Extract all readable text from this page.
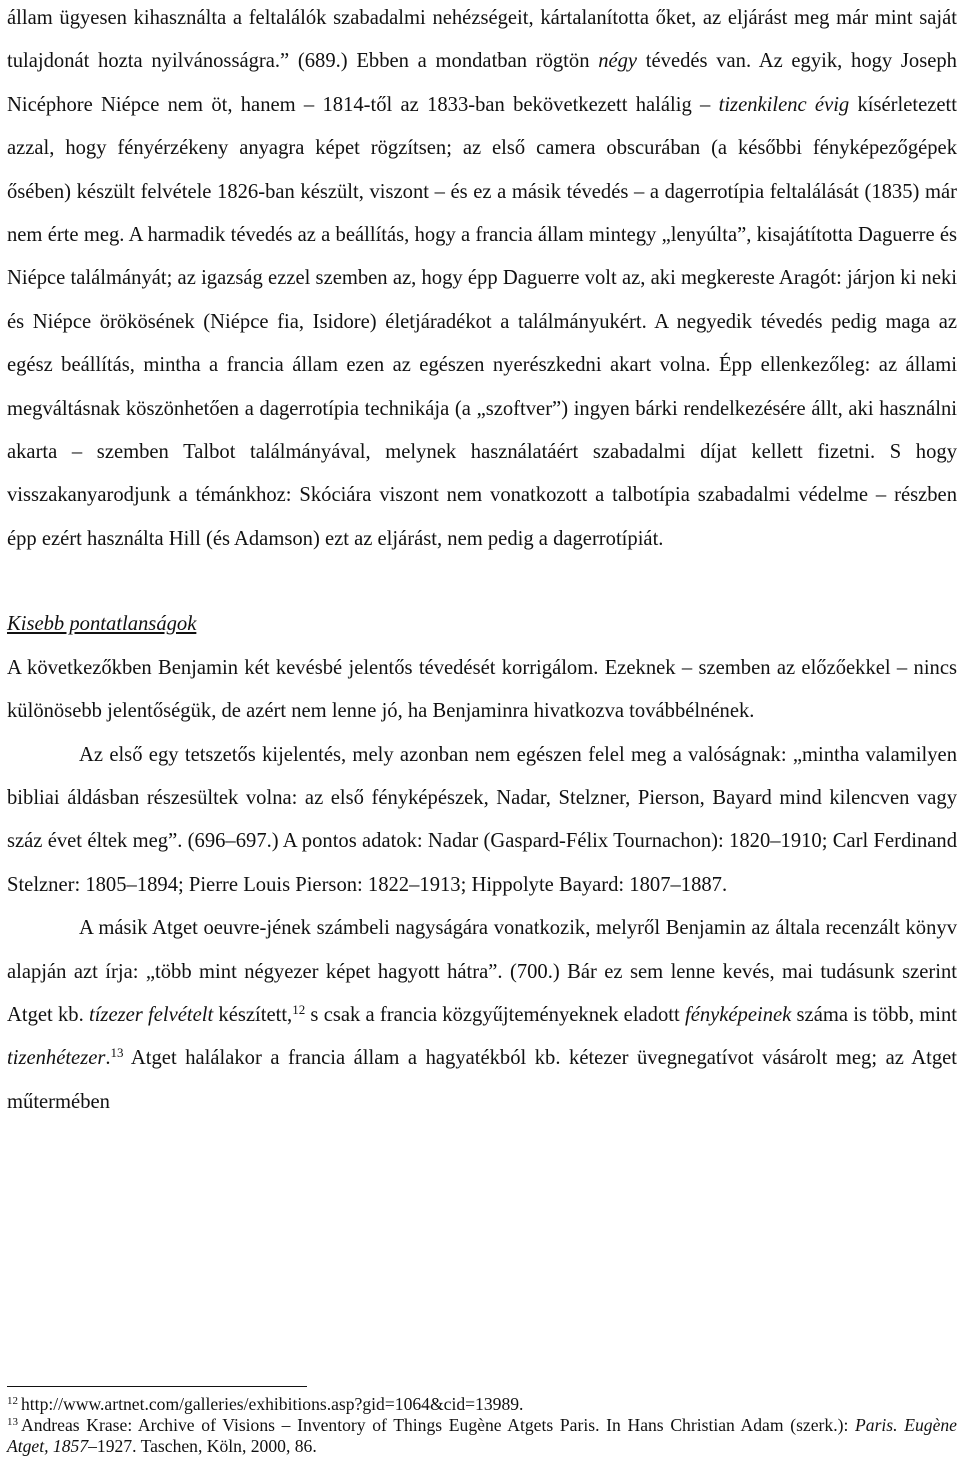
állam ügyesen kihasználta a feltalálók szabadalmi nehézségeit, kártalanította őket, az eljárást meg már mint saját tulajdonát hozta nyilvánosságra.” (689.) Ebben a mondatban rögtön négy tévedés van. Az egyik, hogy Joseph Nicéphore Niépce nem öt, hanem – 1814-től az 1833-ban bekövetkezett halálig – tizenkilenc évig kísérletezett azzal, hogy fényérzékeny anyagra képet rögzítsen; az első camera obscurában (a későbbi fényképezőgépek ősében) készült felvétele 1826-ban készült, viszont – és ez a másik tévedés – a dagerrotípia feltalálását (1835) már nem érte meg. A harmadik tévedés az a beállítás, hogy a francia állam mintegy „lenyúlta”, kisajátította Daguerre és Niépce találmányát; az igazság ezzel szemben az, hogy épp Daguerre volt az, aki megkereste Aragót: járjon ki neki és Niépce örökösének (Niépce fia, Isidore) életjáradékot a találmányukért. A negyedik tévedés pedig maga az egész beállítás, mintha a francia állam ezen az egészen nyerészkedni akart volna. Épp ellenkezőleg: az állami megváltásnak köszönhetően a dagerrotípia technikája (a „szoftver”) ingyen bárki rendelkezésére állt, aki használni akarta – szemben Talbot találmányával, melynek használatáért szabadalmi díjat kellett fizetni. S hogy visszakanyarodjunk a témánkhoz: Skóciára viszont nem vonatkozott a talbotípia szabadalmi védelme – részben épp ezért használta Hill (és Adamson) ezt az eljárást, nem pedig a dagerrotípiát.

Kisebb pontatlanságok

A következőkben Benjamin két kevésbé jelentős tévedését korrigálom. Ezeknek – szemben az előzőekkel – nincs különösebb jelentőségük, de azért nem lenne jó, ha Benjaminra hivatkozva továbbélnének.

Az első egy tetszetős kijelentés, mely azonban nem egészen felel meg a valóságnak: „mintha valamilyen bibliai áldásban részesültek volna: az első fényképészek, Nadar, Stelzner, Pierson, Bayard mind kilencven vagy száz évet éltek meg”. (696–697.) A pontos adatok: Nadar (Gaspard-Félix Tournachon): 1820–1910; Carl Ferdinand Stelzner: 1805–1894; Pierre Louis Pierson: 1822–1913; Hippolyte Bayard: 1807–1887.

A másik Atget oeuvre-jének számbeli nagyságára vonatkozik, melyről Benjamin az általa recenzált könyv alapján azt írja: „több mint négyezer képet hagyott hátra”. (700.) Bár ez sem lenne kevés, mai tudásunk szerint Atget kb. tízezer felvételt készített,$^{12}$ s csak a francia közgyűjteményeknek eladott fényképeinek száma is több, mint tizenhétezer.$^{13}$ Atget halálakor a francia állam a hagyatékból kb. kétezer üvegnegatívot vásárolt meg; az Atget műtermében

$^{12}$ http://www.artnet.com/galleries/exhibitions.asp?gid=1064&cid=13989.

$^{13}$ Andreas Krase: Archive of Visions – Inventory of Things Eugène Atgets Paris. In Hans Christian Adam (szerk.): Paris. Eugène Atget, 1857–1927. Taschen, Köln, 2000, 86.
